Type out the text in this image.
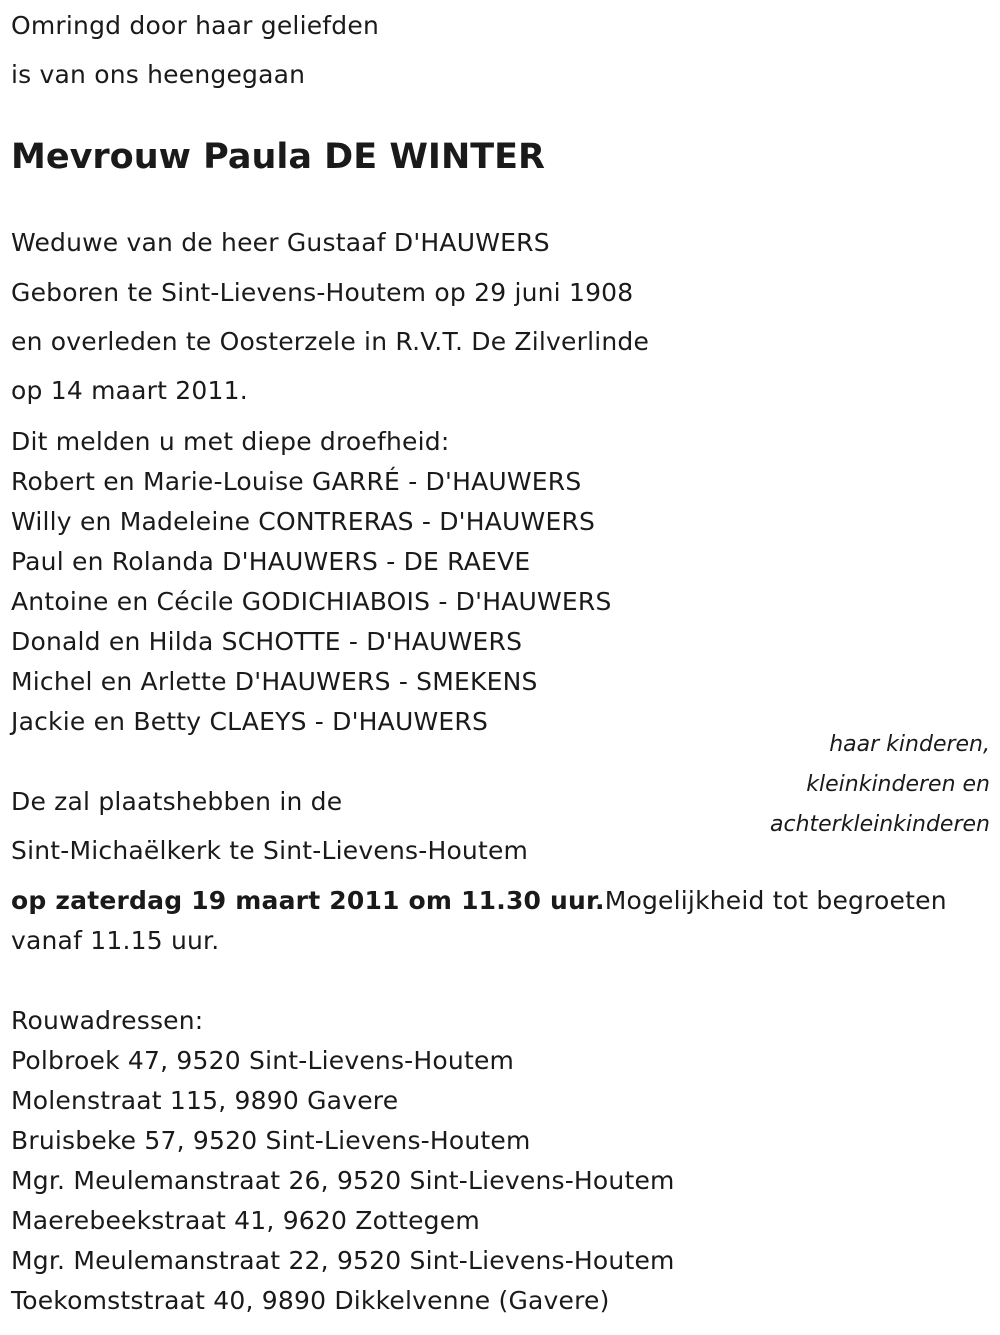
Omringd door haar geliefden
is van ons heengegaan
Mevrouw Paula DE WINTER
Weduwe van de heer Gustaaf D'HAUWERS
Geboren te Sint-Lievens-Houtem op 29 juni 1908
en overleden te Oosterzele in R.V.T. De Zilverlinde
op 14 maart 2011.
Dit melden u met diepe droefheid:
Robert en Marie-Louise GARRÉ - D'HAUWERS
Willy en Madeleine CONTRERAS - D'HAUWERS
Paul en Rolanda D'HAUWERS - DE RAEVE
Antoine en Cécile GODICHIABOIS - D'HAUWERS
Donald en Hilda SCHOTTE - D'HAUWERS
Michel en Arlette D'HAUWERS - SMEKENS
Jackie en Betty CLAEYS - D'HAUWERS
haar kinderen,
kleinkinderen en
achterkleinkinderen
De zal plaatshebben in de
Sint-Michaëlkerk te Sint-Lievens-Houtem
op zaterdag 19 maart 2011 om 11.30 uur.Mogelijkheid tot begroeten
vanaf 11.15 uur.
Rouwadressen:
Polbroek 47, 9520 Sint-Lievens-Houtem
Molenstraat 115, 9890 Gavere
Bruisbeke 57, 9520 Sint-Lievens-Houtem
Mgr. Meulemanstraat 26, 9520 Sint-Lievens-Houtem
Maerebeekstraat 41, 9620 Zottegem
Mgr. Meulemanstraat 22, 9520 Sint-Lievens-Houtem
Toekomststraat 40, 9890 Dikkelvenne (Gavere)
